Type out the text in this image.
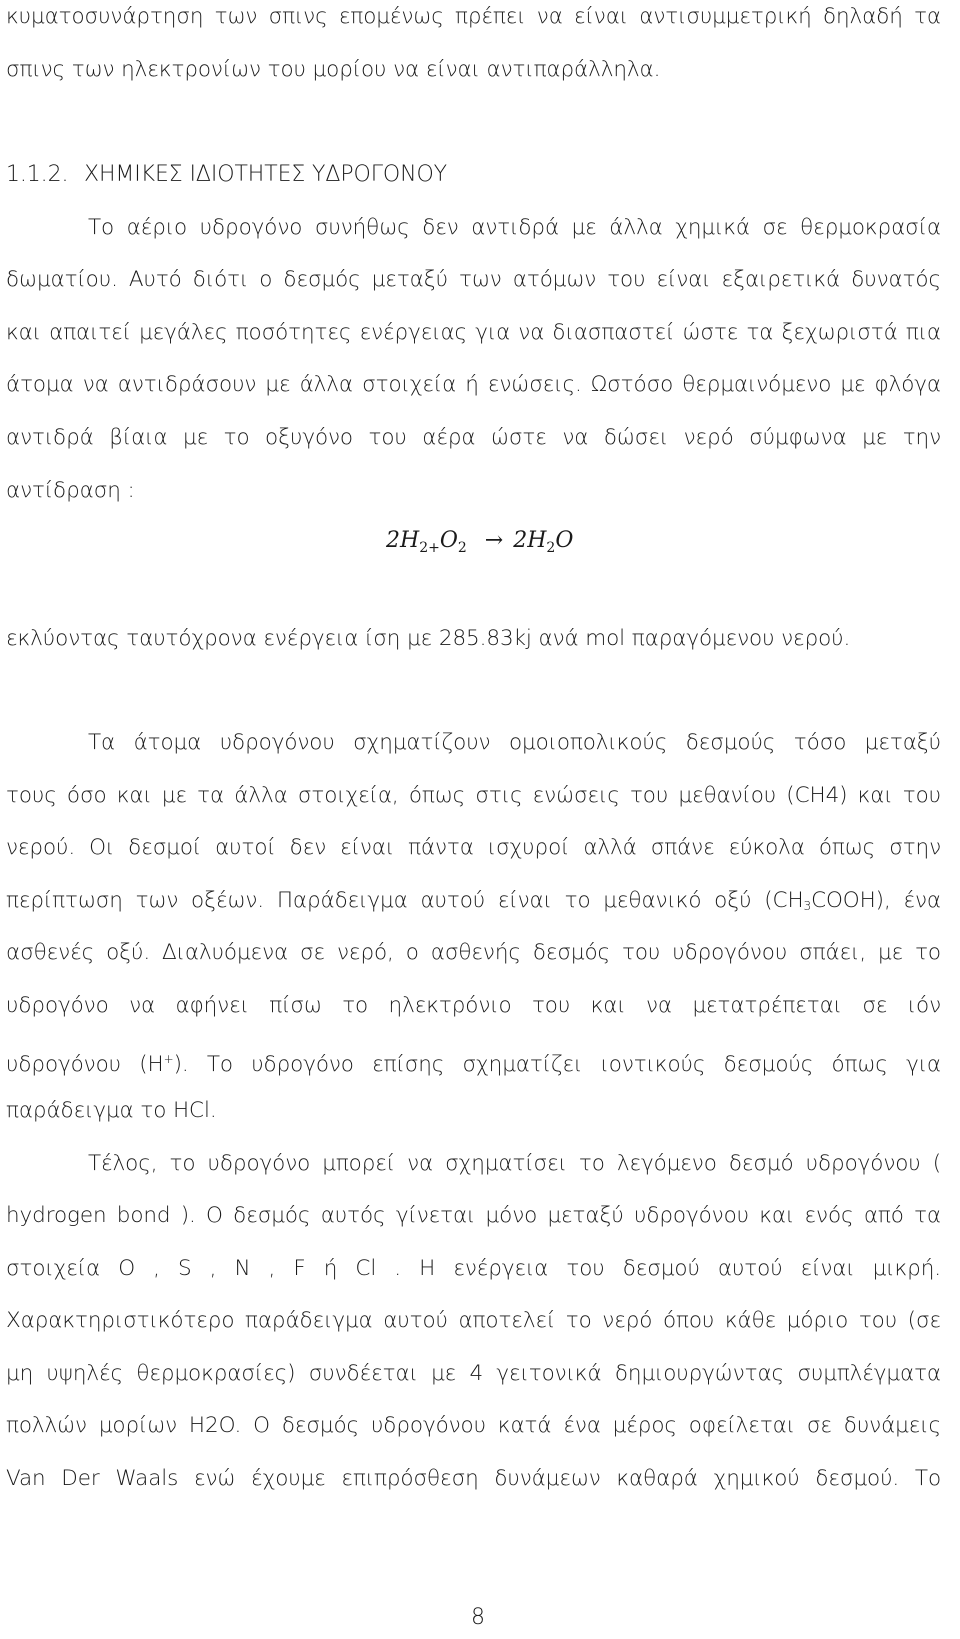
κυματοσυνάρτηση των σπινς επομένως πρέπει να είναι αντισυμμετρική δηλαδή τα
σπινς των ηλεκτρονίων του μορίου να είναι αντιπαράλληλα.
1.1.2. ΧΗΜΙΚΕΣ ΙΔΙΟΤΗΤΕΣ ΥΔΡΟΓΟΝΟΥ
Το αέριο υδρογόνο συνήθως δεν αντιδρά με άλλα χημικά σε θερμοκρασία
δωματίου. Αυτό διότι ο δεσμός μεταξύ των ατόμων του είναι εξαιρετικά δυνατός
και απαιτεί μεγάλες ποσότητες ενέργειας για να διασπαστεί ώστε τα ξεχωριστά πια
άτομα να αντιδράσουν με άλλα στοιχεία ή ενώσεις. Ωστόσο θερμαινόμενο με φλόγα
αντιδρά βίαια με το οξυγόνο του αέρα ώστε να δώσει νερό σύμφωνα με την
αντίδραση :
$2H_{2+}O_2 \to 2H_2O$
εκλύοντας ταυτόχρονα ενέργεια ίση με 285.83kj ανά mol παραγόμενου νερού.
Τα άτομα υδρογόνου σχηματίζουν ομοιοπολικούς δεσμούς τόσο μεταξύ
τους όσο και με τα άλλα στοιχεία, όπως στις ενώσεις του μεθανίου (CH4) και του
νερού. Οι δεσμοί αυτοί δεν είναι πάντα ισχυροί αλλά σπάνε εύκολα όπως στην
περίπτωση των οξέων. Παράδειγμα αυτού είναι το μεθανικό οξύ $(CH_3COOH)$, ένα
ασθενές οξύ. Διαλυόμενα σε νερό, ο ασθενής δεσμός του υδρογόνου σπάει, με το
υδρογόνο να αφήνει πίσω το ηλεκτρόνιο του και να μετατρέπεται σε ιόν
υδρογόνου (H+). Το υδρογόνο επίσης σχηματίζει ιοντικούς δεσμούς όπως για
παράδειγμα το HCl.
Τέλος, το υδρογόνο μπορεί να σχηματίσει το λεγόμενο δεσμό υδρογόνου (
hydrogen bond ). Ο δεσμός αυτός γίνεται μόνο μεταξύ υδρογόνου και ενός από τα
στοιχεία O , S , N , F ή Cl . Η ενέργεια του δεσμού αυτού είναι μικρή.
Χαρακτηριστικότερο παράδειγμα αυτού αποτελεί το νερό όπου κάθε μόριο του (σε
μη υψηλές θερμοκρασίες) συνδέεται με 4 γειτονικά δημιουργώντας συμπλέγματα
πολλών μορίων H2O. Ο δεσμός υδρογόνου κατά ένα μέρος οφείλεται σε δυνάμεις
Van Der Waals ενώ έχουμε επιπρόσθεση δυνάμεων καθαρά χημικού δεσμού. Το
8
